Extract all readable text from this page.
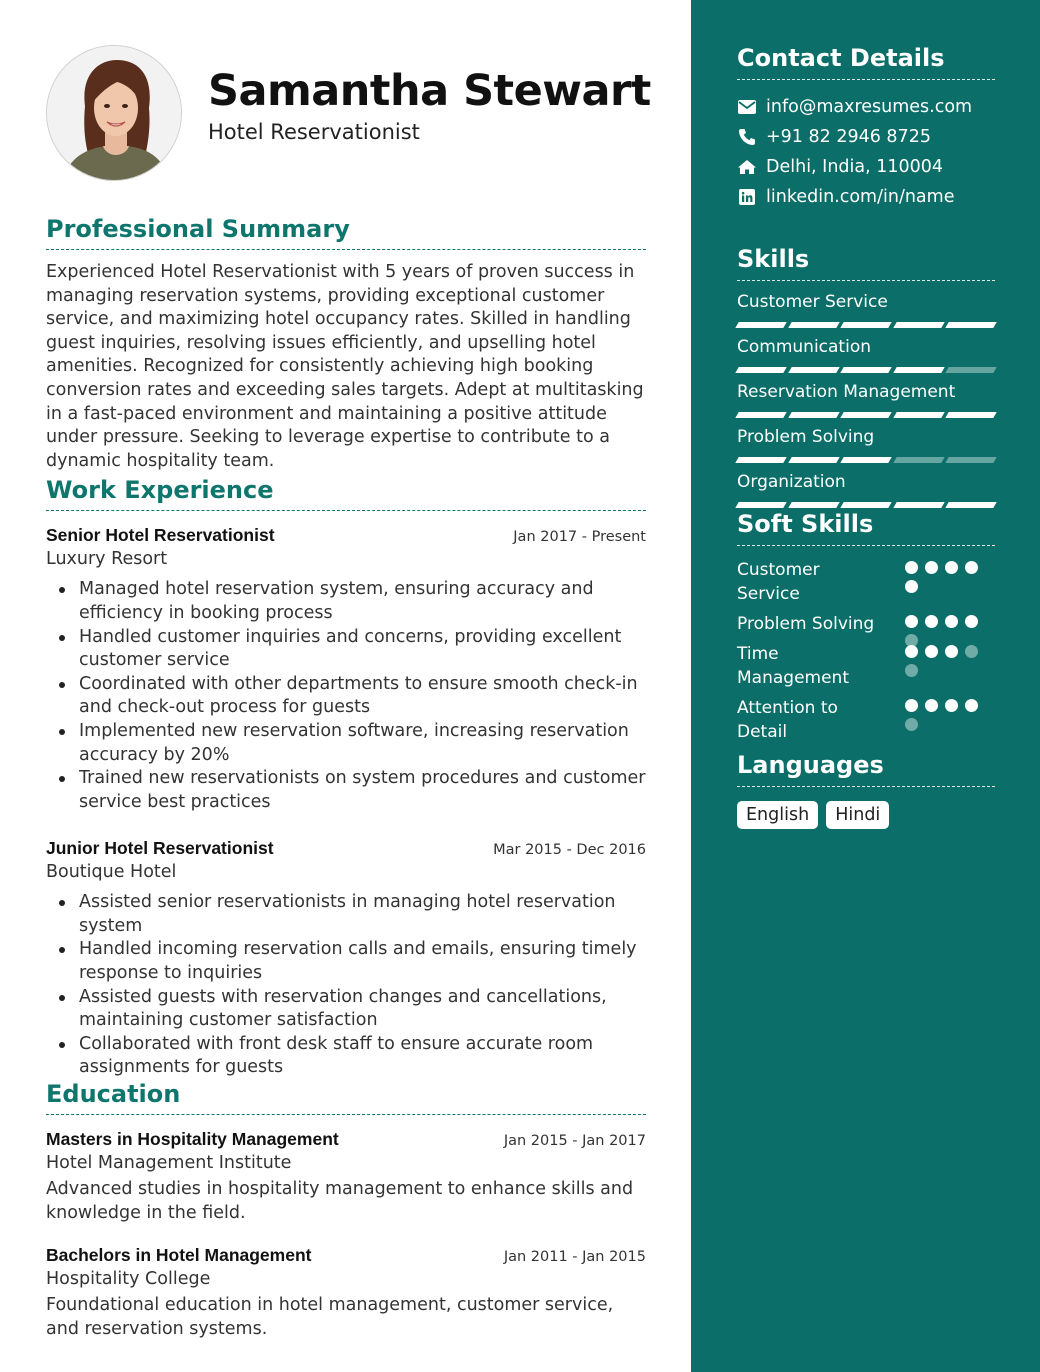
Samantha Stewart
Hotel Reservationist
Professional Summary

Experienced Hotel Reservationist with 5 years of proven success in managing reservation systems, providing exceptional customer service, and maximizing hotel occupancy rates. Skilled in handling guest inquiries, resolving issues efficiently, and upselling hotel amenities. Recognized for consistently achieving high booking conversion rates and exceeding sales targets. Adept at multitasking in a fast-paced environment and maintaining a positive attitude under pressure. Seeking to leverage expertise to contribute to a dynamic hospitality team.

Work Experience
Senior Hotel Reservationist	Jan 2017 - Present
Luxury Resort
Managed hotel reservation system, ensuring accuracy and efficiency in booking process
Handled customer inquiries and concerns, providing excellent customer service
Coordinated with other departments to ensure smooth check-in and check-out process for guests
Implemented new reservation software, increasing reservation accuracy by 20%
Trained new reservationists on system procedures and customer service best practices
Junior Hotel Reservationist	Mar 2015 - Dec 2016
Boutique Hotel
Assisted senior reservationists in managing hotel reservation system
Handled incoming reservation calls and emails, ensuring timely response to inquiries
Assisted guests with reservation changes and cancellations, maintaining customer satisfaction
Collaborated with front desk staff to ensure accurate room assignments for guests
Education
Masters in Hospitality Management	Jan 2015 - Jan 2017
Hotel Management Institute
Advanced studies in hospitality management to enhance skills and knowledge in the field.
Bachelors in Hotel Management	Jan 2011 - Jan 2015
Hospitality College
Foundational education in hotel management, customer service, and reservation systems.
Contact Details
info@maxresumes.com
+91 82 2946 8725
Delhi, India, 110004
linkedin.com/in/name
Skills
Customer Service
Communication
Reservation Management
Problem Solving
Organization
Soft Skills
Customer Service
Problem Solving
Time Management
Attention to Detail
Languages
English	Hindi
